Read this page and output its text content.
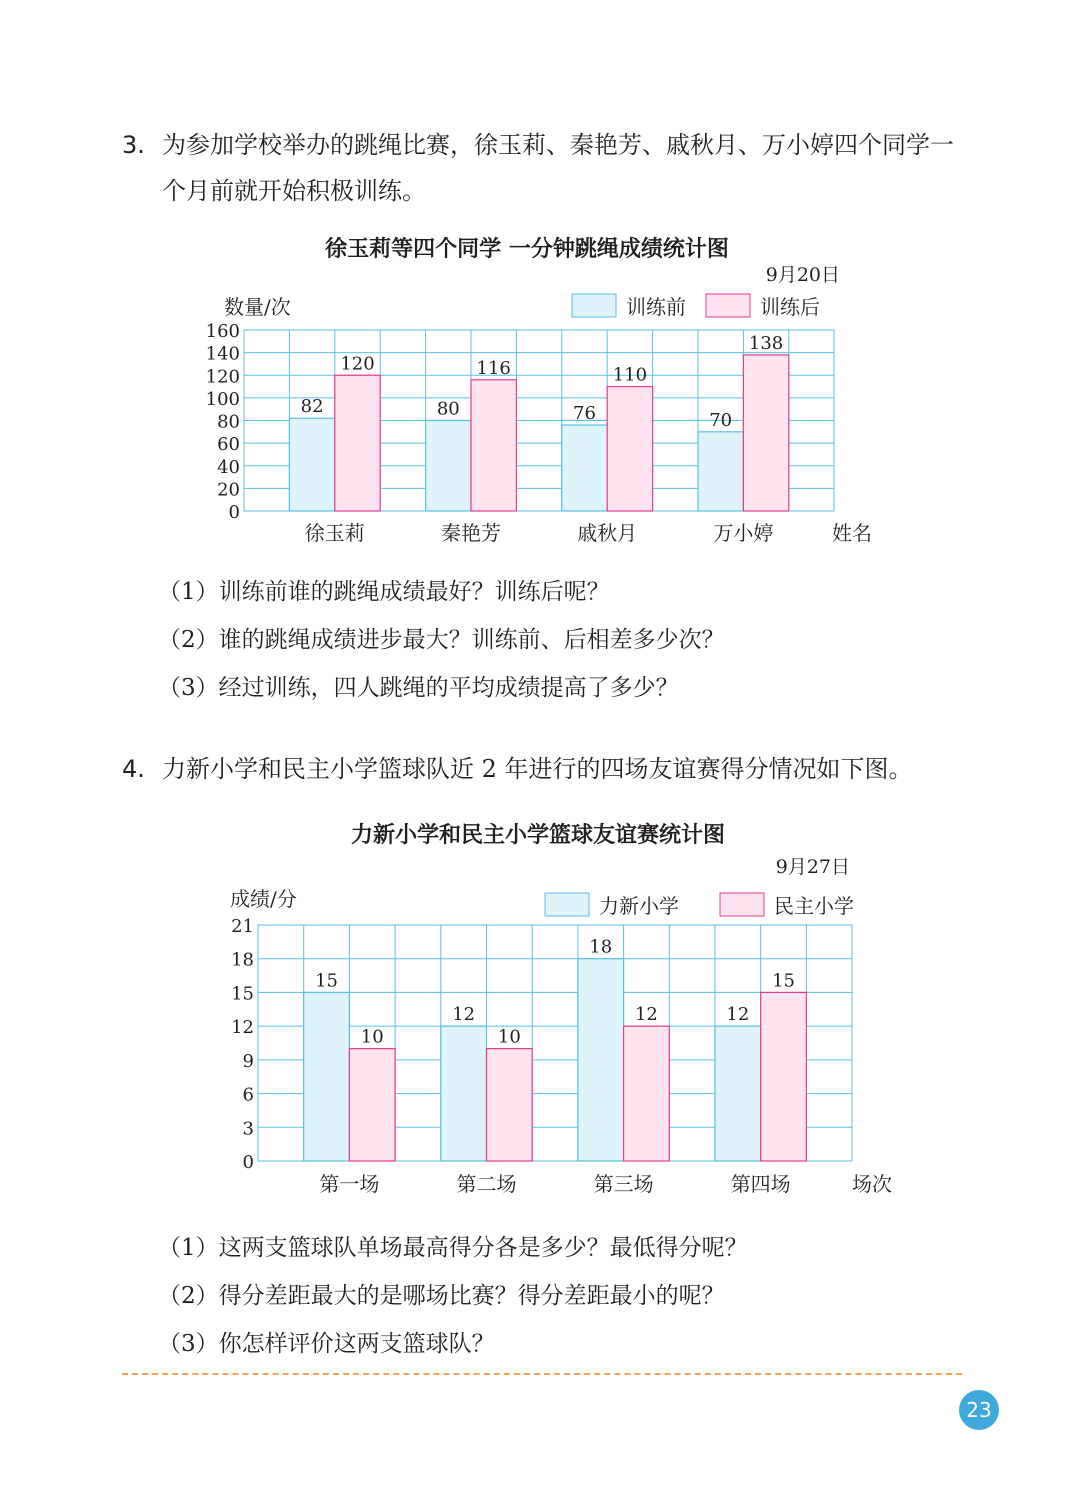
3. 为参加学校举办的跳绳比赛，徐玉莉、秦艳芳、戚秋月、万小婷四个同学一个月前就开始积极训练。
徐玉莉等四个同学 一分钟跳绳成绩统计图
9月20日
数量/次
姓名
训练前	训练后
0
20
40
60
80
100
120
140
160
82
120
徐玉莉
80
116
秦艳芳
76
110
戚秋月
70
138
万小婷
（1）训练前谁的跳绳成绩最好？训练后呢？
（2）谁的跳绳成绩进步最大？训练前、后相差多少次？
（3）经过训练，四人跳绳的平均成绩提高了多少？
4. 力新小学和民主小学篮球队近 2 年进行的四场友谊赛得分情况如下图。
力新小学和民主小学篮球友谊赛统计图
9月27日
成绩/分
场次
力新小学	民主小学
0
3
6
9
12
15
18
21
15
10
第一场
12
10
第二场
18
12
第三场
12
15
第四场
（1）这两支篮球队单场最高得分各是多少？最低得分呢？
（2）得分差距最大的是哪场比赛？得分差距最小的呢？
（3）你怎样评价这两支篮球队？
23
